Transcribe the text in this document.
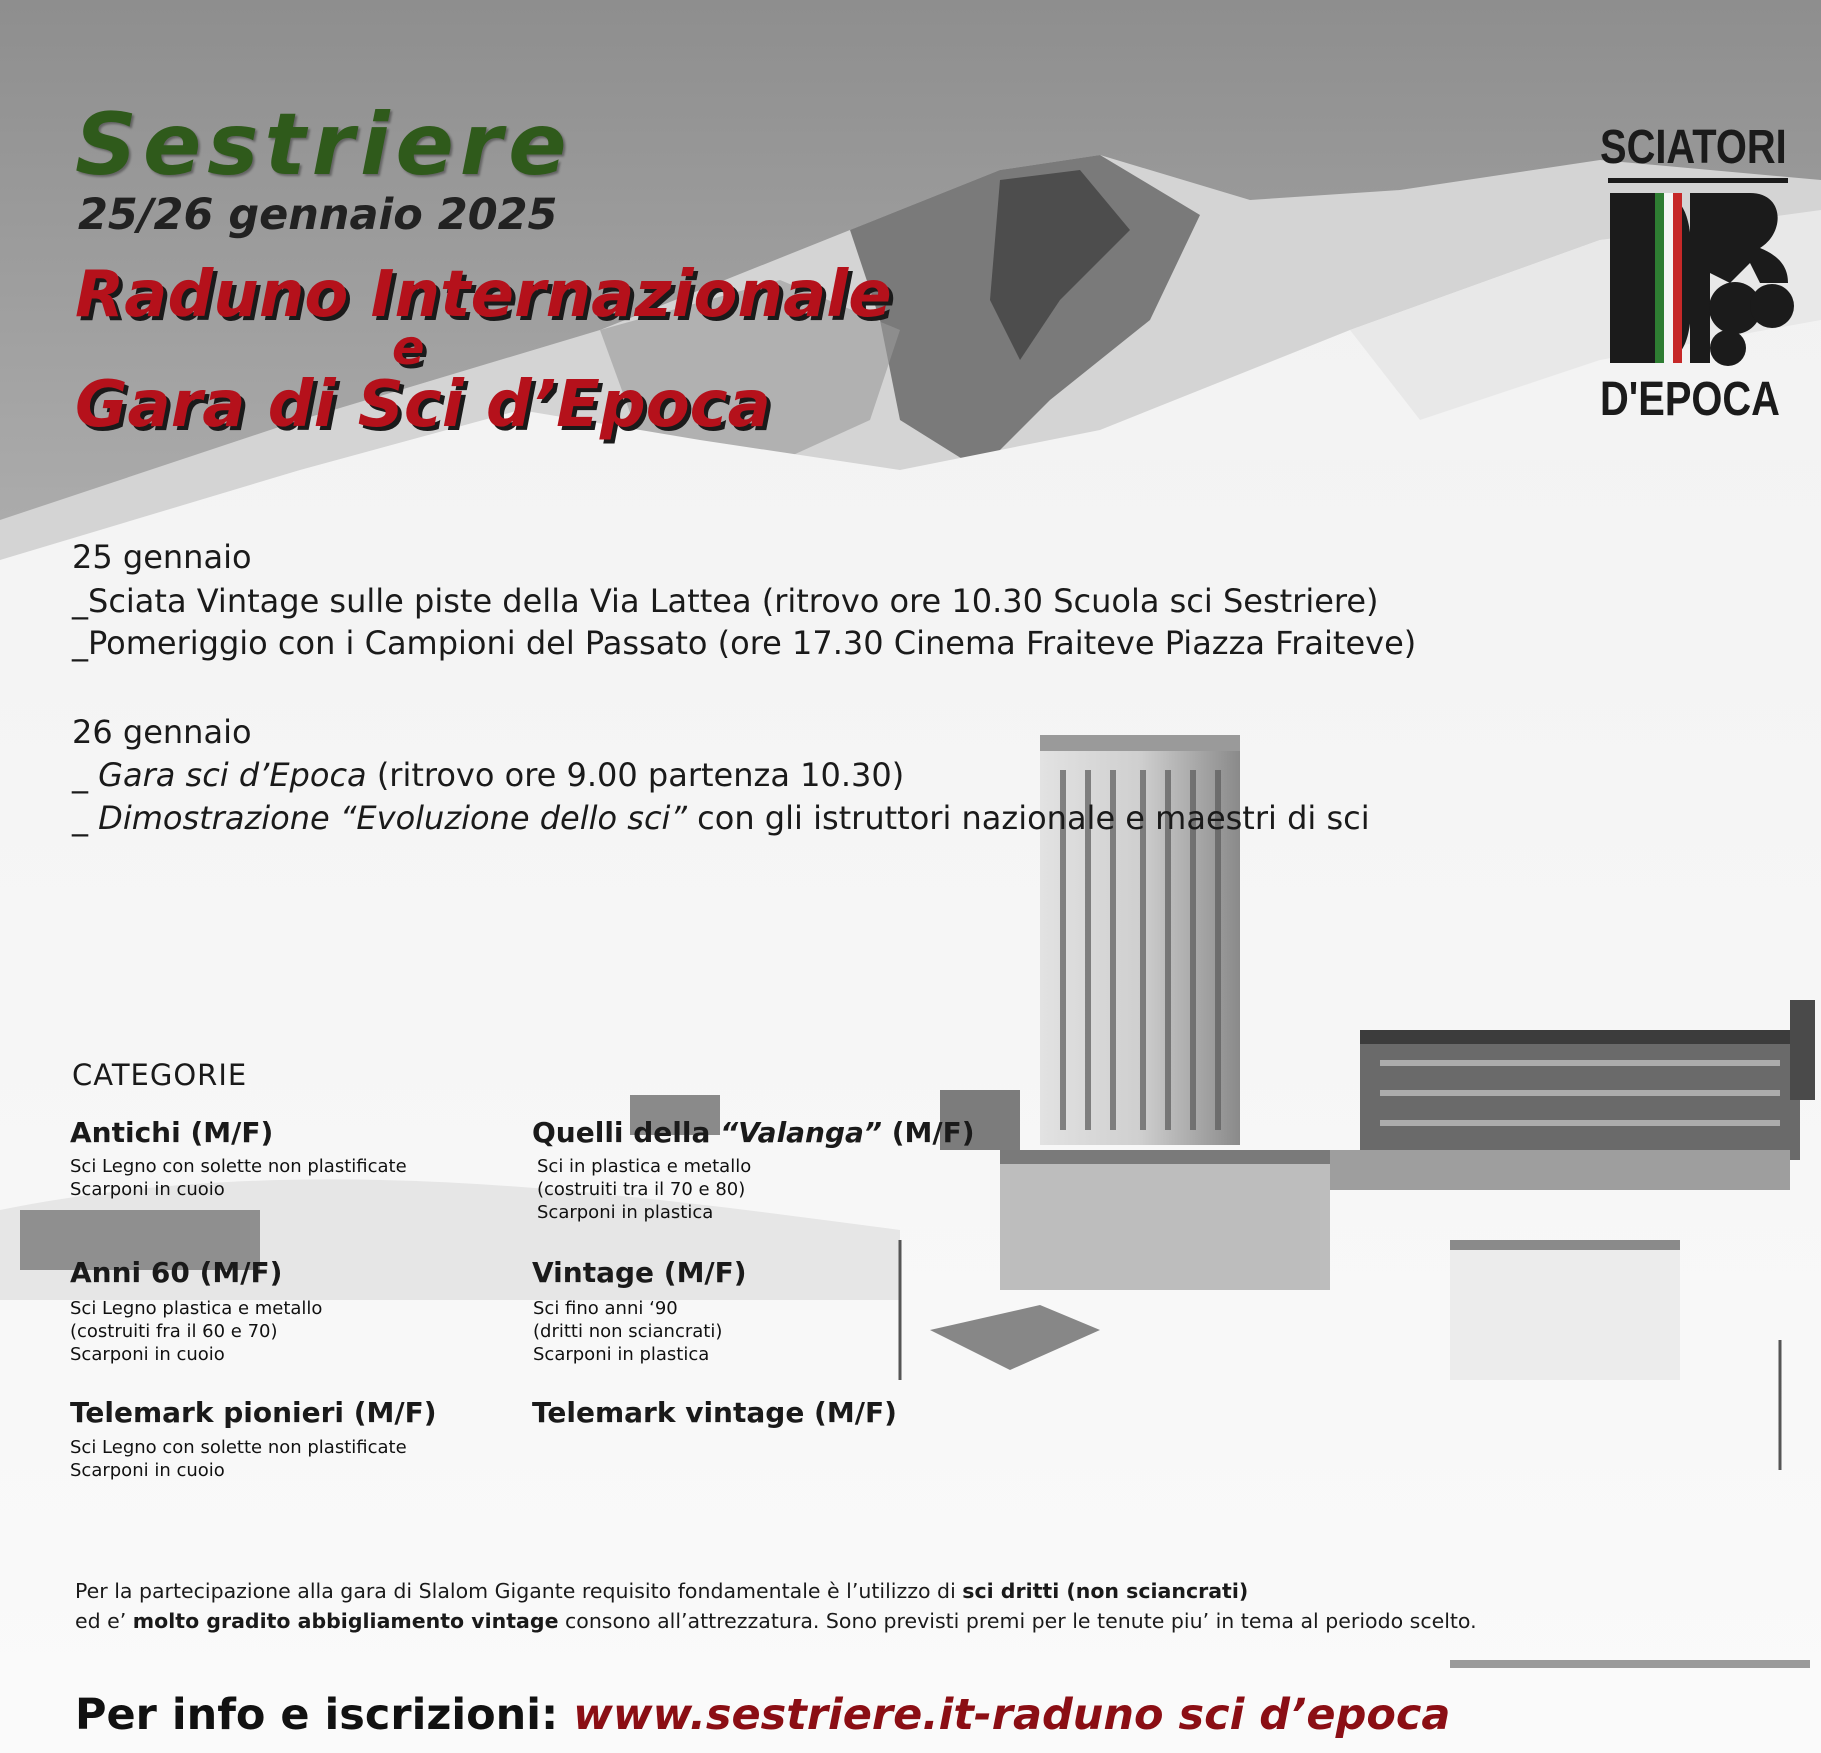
Sestriere
25/26 gennaio 2025
Raduno Internazionale
e
Gara di Sci d’Epoca
SCIATORI
D'EPOCA
25 gennaio
_Sciata Vintage sulle piste della Via Lattea (ritrovo ore 10.30 Scuola sci Sestriere)
_Pomeriggio con i Campioni del Passato (ore 17.30 Cinema Fraiteve Piazza Fraiteve)
26 gennaio
_ Gara sci d’Epoca (ritrovo ore 9.00 partenza 10.30)
_ Dimostrazione “Evoluzione dello sci” con gli istruttori nazionale e maestri di sci
CATEGORIE
Antichi (M/F)
Sci Legno con solette non plastificate
Scarponi in cuoio
Quelli della “Valanga” (M/F)
Sci in plastica e metallo
(costruiti tra il 70 e 80)
Scarponi in plastica
Anni 60 (M/F)
Sci Legno plastica e metallo
(costruiti fra il 60 e 70)
Scarponi in cuoio
Vintage (M/F)
Sci fino anni ‘90
(dritti non sciancrati)
Scarponi in plastica
Telemark pionieri (M/F)
Sci Legno con solette non plastificate
Scarponi in cuoio
Telemark vintage (M/F)
Per la partecipazione alla gara di Slalom Gigante requisito fondamentale è l’utilizzo di sci dritti (non sciancrati)
ed e’ molto gradito abbigliamento vintage consono all’attrezzatura. Sono previsti premi per le tenute piu’ in tema al periodo scelto.
Per info e iscrizioni: www.sestriere.it-raduno sci d’epoca
